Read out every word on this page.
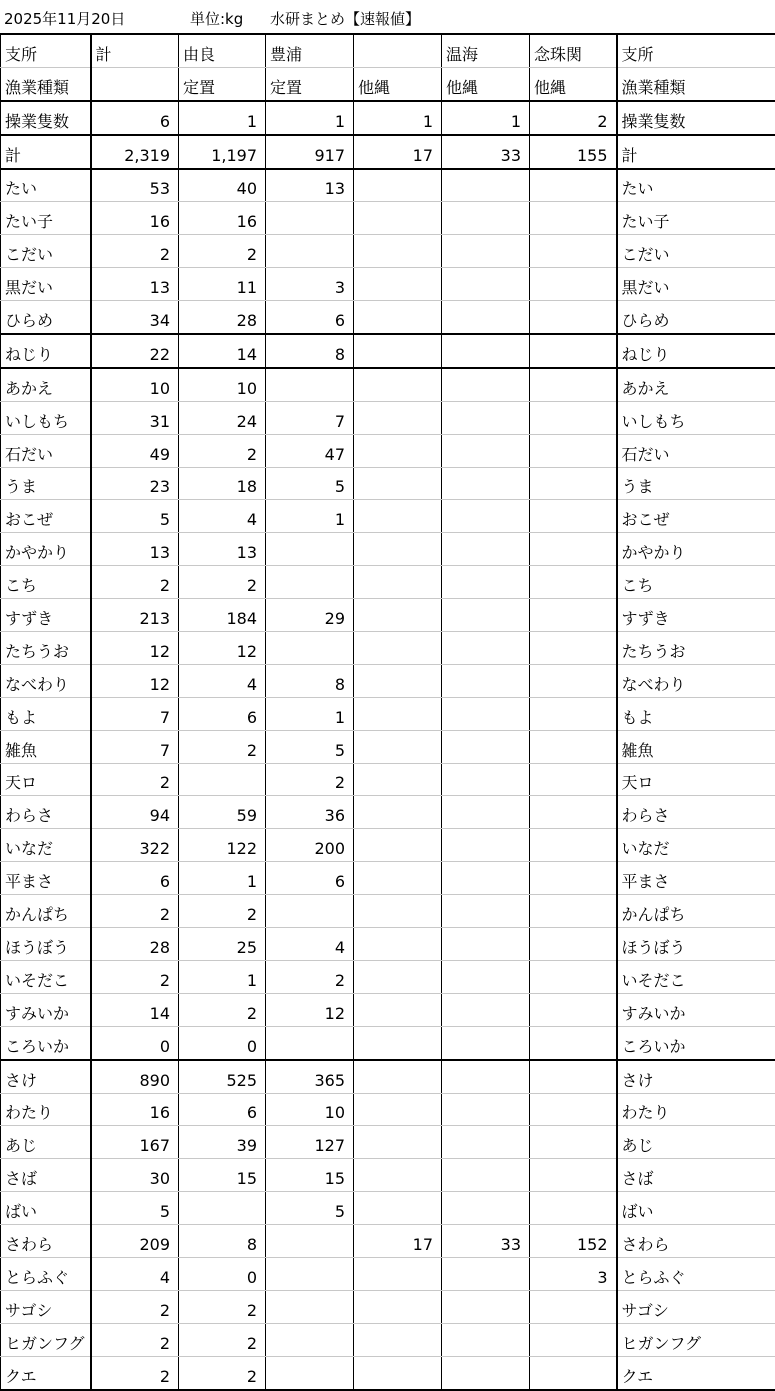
2025年11月20日	単位:kg 水研まとめ【速報値】
支所	計	由良	豊浦		温海	念珠関	支所
漁業種類		定置	定置	他縄	他縄	他縄	漁業種類
操業隻数	6	1	1	1	1	2	操業隻数
計	2,319	1,197	917	17	33	155	計
たい	53	40	13				たい
たい子	16	16					たい子
こだい	2	2					こだい
黒だい	13	11	3				黒だい
ひらめ	34	28	6				ひらめ
ねじり	22	14	8				ねじり
あかえ	10	10					あかえ
いしもち	31	24	7				いしもち
石だい	49	2	47				石だい
うま	23	18	5				うま
おこぜ	5	4	1				おこぜ
かやかり	13	13					かやかり
こち	2	2					こち
すずき	213	184	29				すずき
たちうお	12	12					たちうお
なべわり	12	4	8				なべわり
もよ	7	6	1				もよ
雑魚	7	2	5				雑魚
天ロ	2		2				天ロ
わらさ	94	59	36				わらさ
いなだ	322	122	200				いなだ
平まさ	6	1	6				平まさ
かんぱち	2	2					かんぱち
ほうぼう	28	25	4				ほうぼう
いそだこ	2	1	2				いそだこ
すみいか	14	2	12				すみいか
ころいか	0	0					ころいか
さけ	890	525	365				さけ
わたり	16	6	10				わたり
あじ	167	39	127				あじ
さば	30	15	15				さば
ばい	5		5				ばい
さわら	209	8		17	33	152	さわら
とらふぐ	4	0				3	とらふぐ
サゴシ	2	2					サゴシ
ヒガンフグ	2	2					ヒガンフグ
クエ	2	2					クエ
